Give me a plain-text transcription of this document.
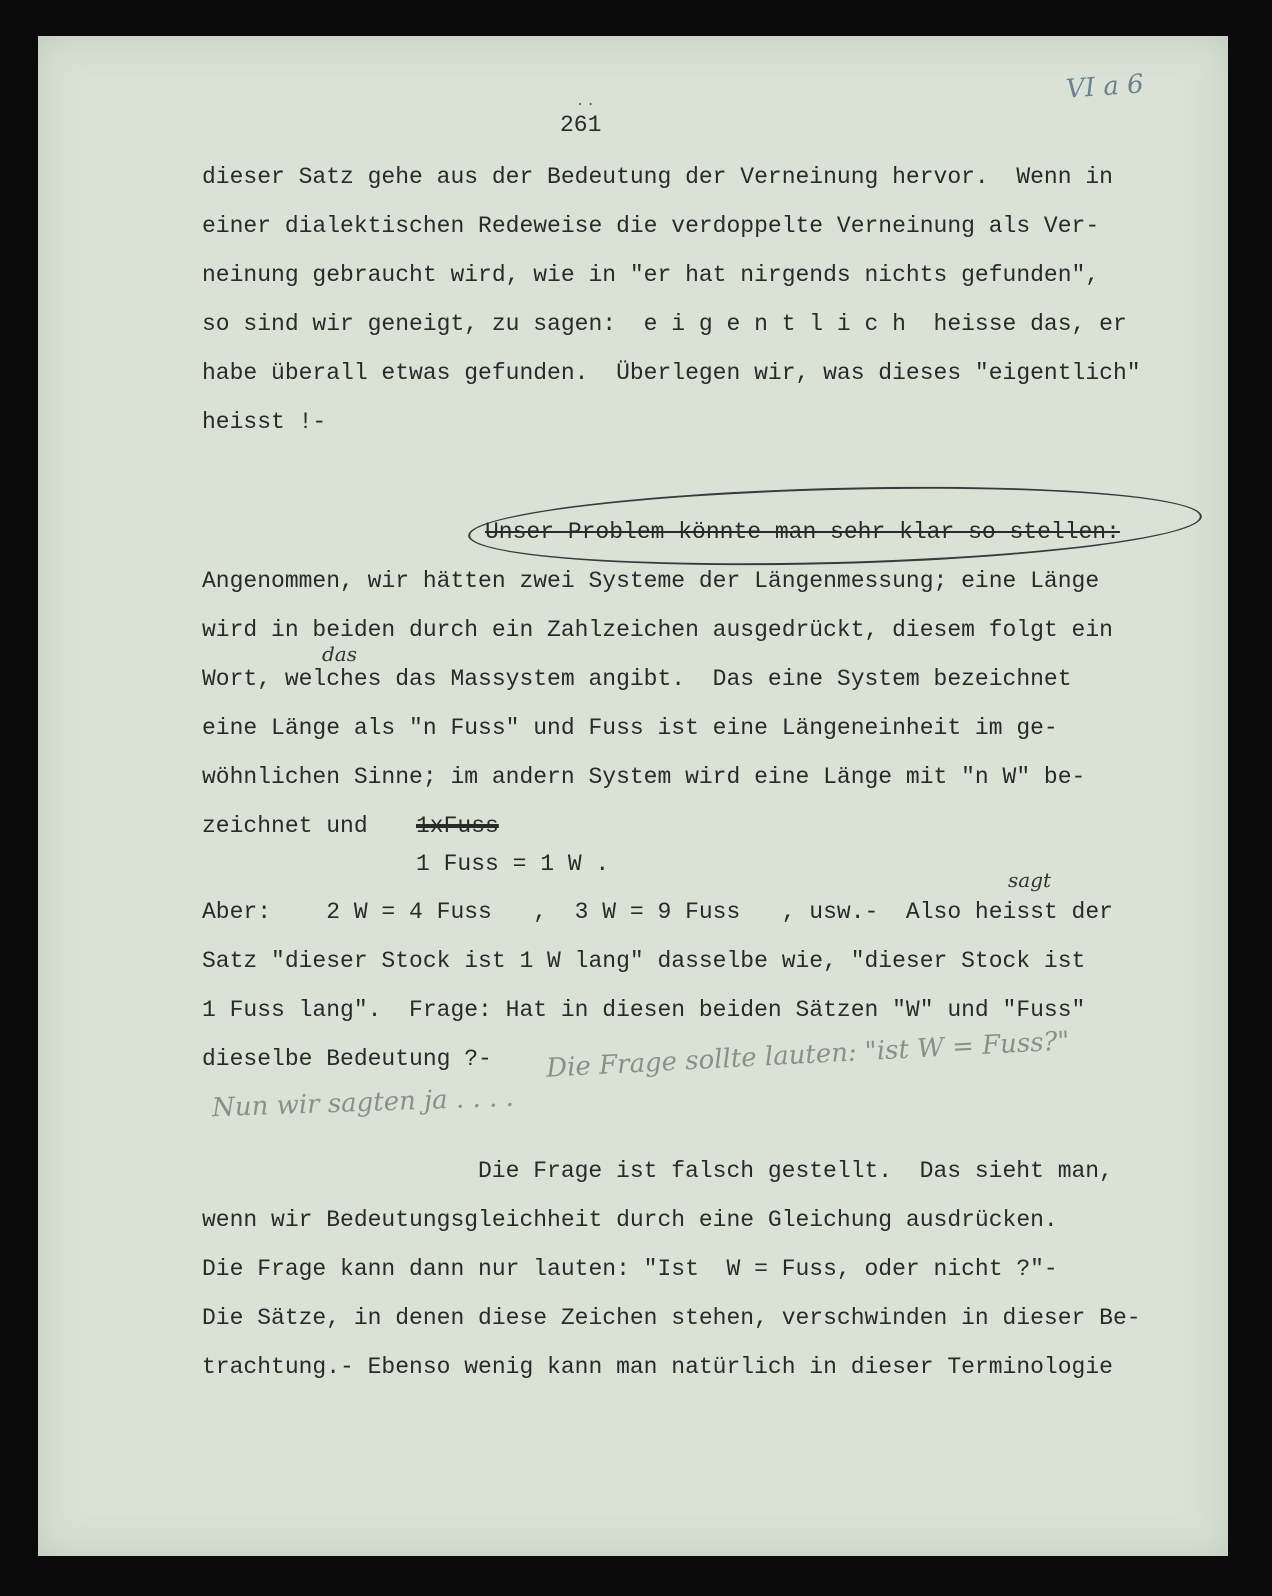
VI a 6
..
261
dieser Satz gehe aus der Bedeutung der Verneinung hervor.  Wenn in
einer dialektischen Redeweise die verdoppelte Verneinung als Ver-
neinung gebraucht wird, wie in "er hat nirgends nichts gefunden",
so sind wir geneigt, zu sagen:  e i g e n t l i c h  heisse das, er
habe überall etwas gefunden.  Überlegen wir, was dieses "eigentlich"
heisst !-
Unser Problem könnte man sehr klar so stellen:
Angenommen, wir hätten zwei Systeme der Längenmessung; eine Länge
wird in beiden durch ein Zahlzeichen ausgedrückt, diesem folgt ein
das
Wort, welches das Massystem angibt.  Das eine System bezeichnet
eine Länge als "n Fuss" und Fuss ist eine Längeneinheit im ge-
wöhnlichen Sinne; im andern System wird eine Länge mit "n W" be-
zeichnet und 1xFuss
1 Fuss = 1 W .
sagt
Aber:    2 W = 4 Fuss   ,  3 W = 9 Fuss   , usw.-  Also heisst der
Satz "dieser Stock ist 1 W lang" dasselbe wie, "dieser Stock ist
1 Fuss lang".  Frage: Hat in diesen beiden Sätzen "W" und "Fuss"
dieselbe Bedeutung ?- Die Frage sollte lauten: "ist W = Fuss?"
Nun wir sagten ja . . . .
Die Frage ist falsch gestellt.  Das sieht man,
wenn wir Bedeutungsgleichheit durch eine Gleichung ausdrücken.
Die Frage kann dann nur lauten: "Ist  W = Fuss, oder nicht ?"-
Die Sätze, in denen diese Zeichen stehen, verschwinden in dieser Be-
trachtung.- Ebenso wenig kann man natürlich in dieser Terminologie
